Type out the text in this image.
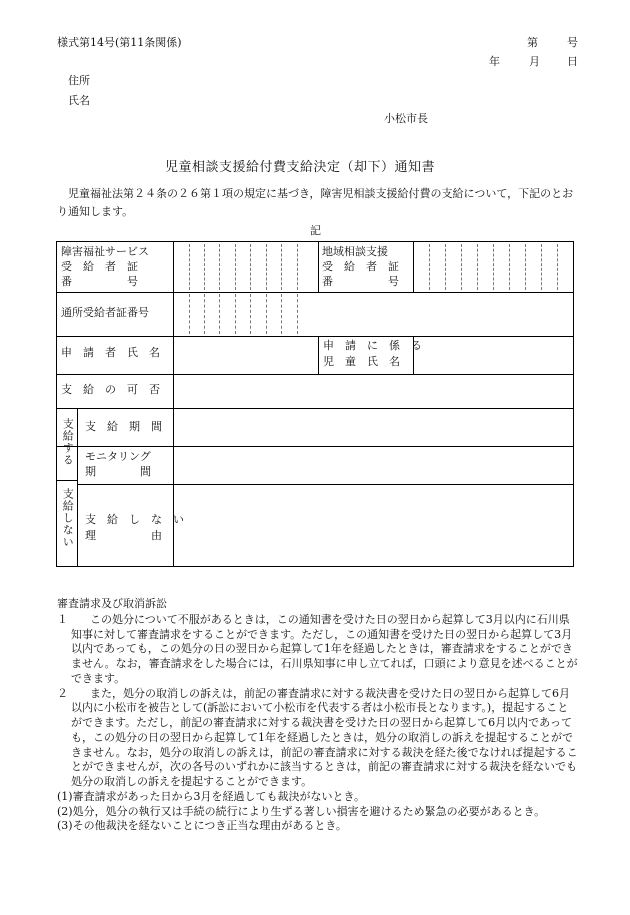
様式第14号(第11条関係)	第	号
年	月 日
住所
氏名
小松市長
児童相談支援給付費支給決定（却下）通知書
児童福祉法第２４条の２６第１項の規定に基づき，障害児相談支援給付費の支給について，下記のとおり通知します。
記
障害福祉サービス
受　給　者　証
番　　　　　号
地域相談支援
受　給　者　証
番　　　　　号
通所受給者証番号
申　請　者　氏　名
申　請　に　係　る
児　童　氏　名
支　給　の　可　否
支給する 支　給　期　間
モニタリング
期　　　　間
支給しない 支　給　し　な　い
理　　　　　由
審査請求及び取消訴訟
１　　この処分について不服があるときは，この通知書を受けた日の翌日から起算して3月以内に石川県知事に対して審査請求をすることができます。ただし，この通知書を受けた日の翌日から起算して3月以内であっても，この処分の日の翌日から起算して1年を経過したときは，審査請求をすることができません。なお，審査請求をした場合には，石川県知事に申し立てれば，口頭により意見を述べることができます。
２　　また，処分の取消しの訴えは，前記の審査請求に対する裁決書を受けた日の翌日から起算して6月以内に小松市を被告として(訴訟において小松市を代表する者は小松市長となります。)，提起することができます。ただし，前記の審査請求に対する裁決書を受けた日の翌日から起算して6月以内であっても，この処分の日の翌日から起算して1年を経過したときは，処分の取消しの訴えを提起することができません。なお，処分の取消しの訴えは，前記の審査請求に対する裁決を経た後でなければ提起することができませんが，次の各号のいずれかに該当するときは，前記の審査請求に対する裁決を経ないでも処分の取消しの訴えを提起することができます。
(1)審査請求があった日から3月を経過しても裁決がないとき。
(2)処分，処分の執行又は手続の続行により生ずる著しい損害を避けるため緊急の必要があるとき。
(3)その他裁決を経ないことにつき正当な理由があるとき。
